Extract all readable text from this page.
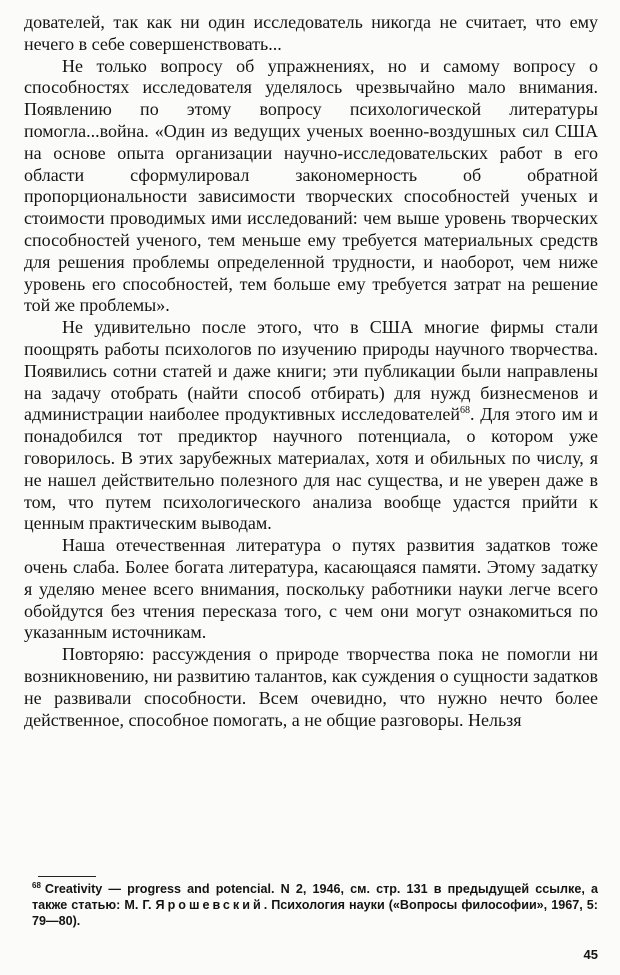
дователей, так как ни один исследователь никогда не считает, что ему нечего в себе совершенствовать...

Не только вопросу об упражнениях, но и самому вопросу о способностях исследователя уделялось чрезвычайно мало внимания. Появлению по этому вопросу психологической литературы помогла...война. «Один из ведущих ученых военно-воздушных сил США на основе опыта организации научно-исследовательских работ в его области сформулировал закономерность об обратной пропорциональности зависимости творческих способностей ученых и стоимости проводимых ими исследований: чем выше уровень творческих способностей ученого, тем меньше ему требуется материальных средств для решения проблемы определенной трудности, и наоборот, чем ниже уровень его способностей, тем больше ему требуется затрат на решение той же проблемы».

Не удивительно после этого, что в США многие фирмы стали поощрять работы психологов по изучению природы научного творчества. Появились сотни статей и даже книги; эти публикации были направлены на задачу отобрать (найти способ отбирать) для нужд бизнесменов и администрации наиболее продуктивных исследователей$^{68}$. Для этого им и понадобился тот предиктор научного потенциала, о котором уже говорилось. В этих зарубежных материалах, хотя и обильных по числу, я не нашел действительно полезного для нас существа, и не уверен даже в том, что путем психологического анализа вообще удастся прийти к ценным практическим выводам.

Наша отечественная литература о путях развития задатков тоже очень слаба. Более богата литература, касающаяся памяти. Этому задатку я уделяю менее всего внимания, поскольку работники науки легче всего обойдутся без чтения пересказа того, с чем они могут ознакомиться по указанным источникам.

Повторяю: рассуждения о природе творчества пока не помогли ни возникновению, ни развитию талантов, как суждения о сущности задатков не развивали способности. Всем очевидно, что нужно нечто более действенное, способное помогать, а не общие разговоры. Нельзя

$^{68}$ Creativity — progress and potencial. N 2, 1946, см. стр. 131 в предыдущей ссылке, а также статью: М. Г. Ярошевский. Психология науки («Вопросы философии», 1967, 5: 79—80).
45
